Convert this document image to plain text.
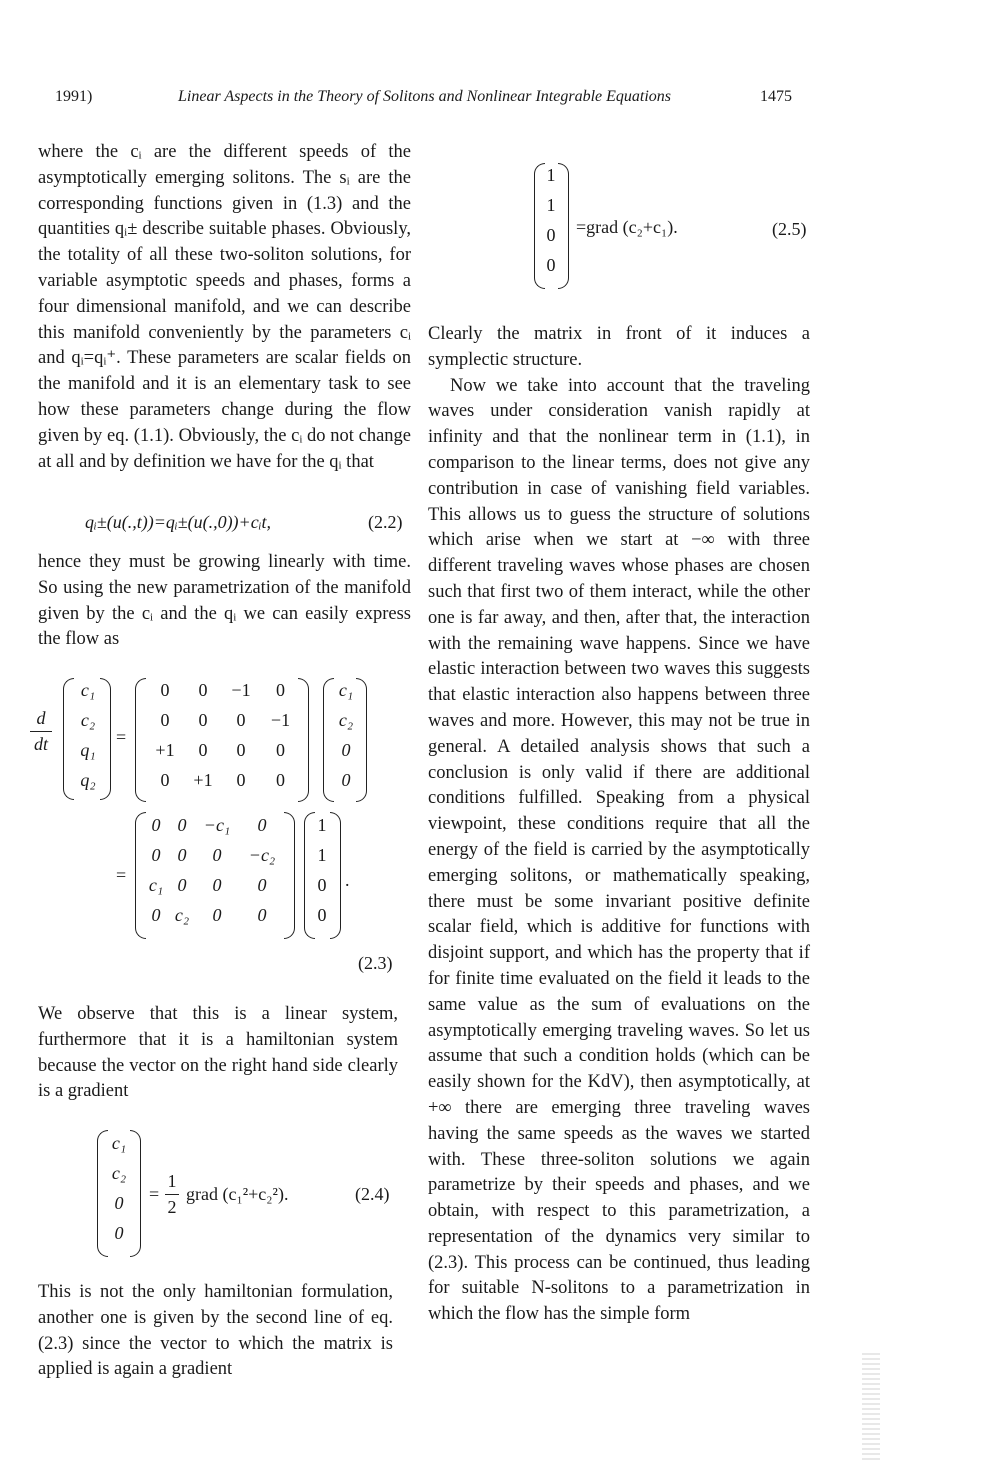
1991)	Linear Aspects in the Theory of Solitons and Nonlinear Integrable Equations	1475

where the cᵢ are the different speeds of the asymptotically emerging solitons. The sᵢ are the corresponding functions given in (1.3) and the quantities qᵢ± describe suitable phases. Obviously, the totality of all these two-soliton solutions, for variable asymptotic speeds and phases, forms a four dimensional manifold, and we can describe this manifold conveniently by the parameters cᵢ and qᵢ=qᵢ⁺. These parameters are scalar fields on the manifold and it is an elementary task to see how these parameters change during the flow given by eq. (1.1). Obviously, the cᵢ do not change at all and by definition we have for the qᵢ that

qᵢ±(u(.,t))=qᵢ±(u(.,0))+cᵢt,	(2.2)

hence they must be growing linearly with time. So using the new parametrization of the manifold given by the cᵢ and the qᵢ we can easily express the flow as

d
dt
c₁
c₂
q₁
q₂
=
0	0	−1	0
0	0	0	−1
+1	0	0	0
0	+1	0	0
c₁
c₂
0
0
=
0 0 −c₁	0
0 0	0	−c₂
c₁ 0	0	0
0 c₂	0	0
1
1
0
0
.
(2.3)

We observe that this is a linear system, furthermore that it is a hamiltonian system because the vector on the right hand side clearly is a gradient

c₁
c₂
0
0
=
1
2
grad (c₁²+c₂²).	(2.4)

This is not the only hamiltonian formulation, another one is given by the second line of eq. (2.3) since the vector to which the matrix is applied is again a gradient

1
1
0
0
=grad (c₂+c₁).	(2.5)

Clearly the matrix in front of it induces a symplectic structure.

Now we take into account that the traveling waves under consideration vanish rapidly at infinity and that the nonlinear term in (1.1), in comparison to the linear terms, does not give any contribution in case of vanishing field variables. This allows us to guess the structure of solutions which arise when we start at −∞ with three different traveling waves whose phases are chosen such that first two of them interact, while the other one is far away, and then, after that, the interaction with the remaining wave happens. Since we have elastic interaction between two waves this suggests that elastic interaction also happens between three waves and more. However, this may not be true in general. A detailed analysis shows that such a conclusion is only valid if there are additional conditions fulfilled. Speaking from a physical viewpoint, these conditions require that all the energy of the field is carried by the asymptotically emerging solitons, or mathematically speaking, there must be some invariant positive definite scalar field, which is additive for functions with disjoint support, and which has the property that if for finite time evaluated on the field it leads to the same value as the sum of evaluations on the asymptotically emerging traveling waves. So let us assume that such a condition holds (which can be easily shown for the KdV), then asymptotically, at +∞ there are emerging three traveling waves having the same speeds as the waves we started with. These three-soliton solutions we again parametrize by their speeds and phases, and we obtain, with respect to this parametrization, a representation of the dynamics very similar to (2.3). This process can be continued, thus leading for suitable N-solitons to a parametrization in which the flow has the simple form
